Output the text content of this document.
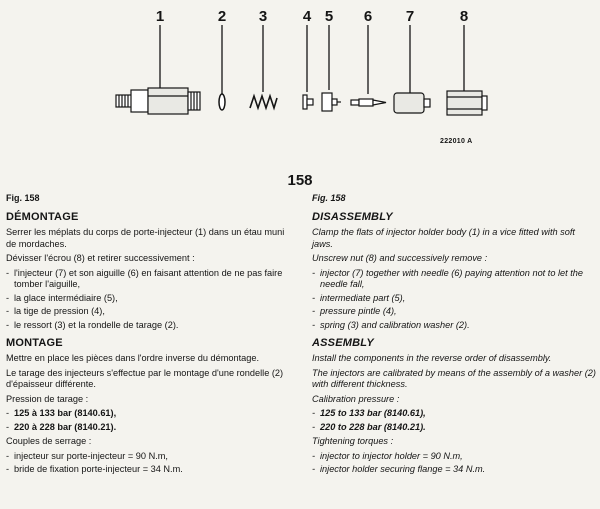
1	2 3 4 5 6 7	8
222010 A
158
Fig. 158
DÉMONTAGE

Serrer les méplats du corps de porte-injecteur (1) dans un étau muni de mordaches.

Dévisser l'écrou (8) et retirer successivement :

- l'injecteur (7) et son aiguille (6) en faisant attention de ne pas faire tomber l'aiguille,
- la glace intermédiaire (5),
- la tige de pression (4),
- le ressort (3) et la rondelle de tarage (2).
MONTAGE

Mettre en place les pièces dans l'ordre inverse du démontage.

Le tarage des injecteurs s'effectue par le montage d'une rondelle (2) d'épaisseur différente.

Pression de tarage :

- 125 à 133 bar (8140.61),
- 220 à 228 bar (8140.21).

Couples de serrage :

- injecteur sur porte-injecteur = 90 N.m,
- bride de fixation porte-injecteur = 34 N.m.
Fig. 158
DISASSEMBLY

Clamp the flats of injector holder body (1) in a vice fitted with soft jaws.

Unscrew nut (8) and successively remove :

- injector (7) together with needle (6) paying attention not to let the needle fall,
- intermediate part (5),
- pressure pintle (4),
- spring (3) and calibration washer (2).
ASSEMBLY

Install the components in the reverse order of disassembly.

The injectors are calibrated by means of the assembly of a washer (2) with different thickness.

Calibration pressure :

- 125 to 133 bar (8140.61),
- 220 to 228 bar (8140.21).

Tightening torques :

- injector to injector holder = 90 N.m,
- injector holder securing flange = 34 N.m.
